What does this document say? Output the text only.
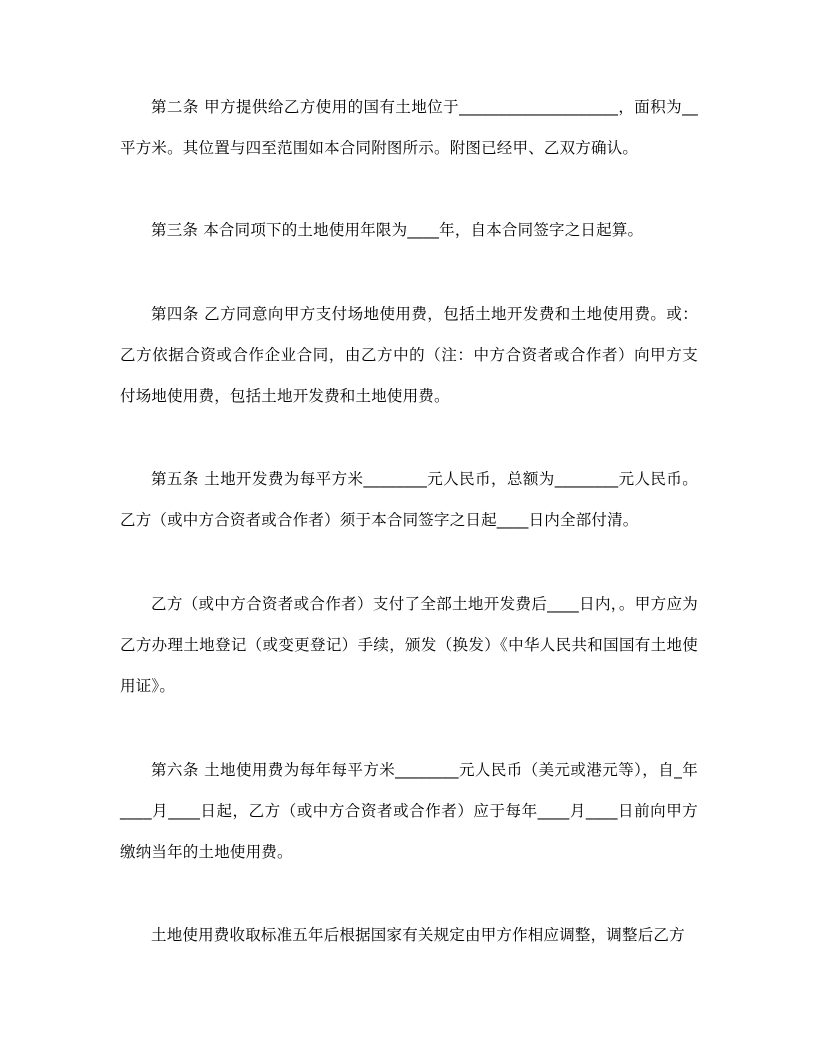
第二条 甲方提供给乙方使用的国有土地位于____________________，面积为__平方米。其位置与四至范围如本合同附图所示。附图已经甲、乙双方确认。

第三条 本合同项下的土地使用年限为____年，自本合同签字之日起算。

第四条 乙方同意向甲方支付场地使用费，包括土地开发费和土地使用费。或：乙方依据合资或合作企业合同，由乙方中的（注：中方合资者或合作者）向甲方支付场地使用费，包括土地开发费和土地使用费。

第五条 土地开发费为每平方米________元人民币，总额为________元人民币。乙方（或中方合资者或合作者）须于本合同签字之日起____日内全部付清。

乙方（或中方合资者或合作者）支付了全部土地开发费后____日内，。甲方应为乙方办理土地登记（或变更登记）手续，颁发（换发）《中华人民共和国国有土地使用证》。

第六条 土地使用费为每年每平方米________元人民币（美元或港元等），自_年____月____日起，乙方（或中方合资者或合作者）应于每年____月____日前向甲方缴纳当年的土地使用费。

土地使用费收取标准五年后根据国家有关规定由甲方作相应调整，调整后乙方
